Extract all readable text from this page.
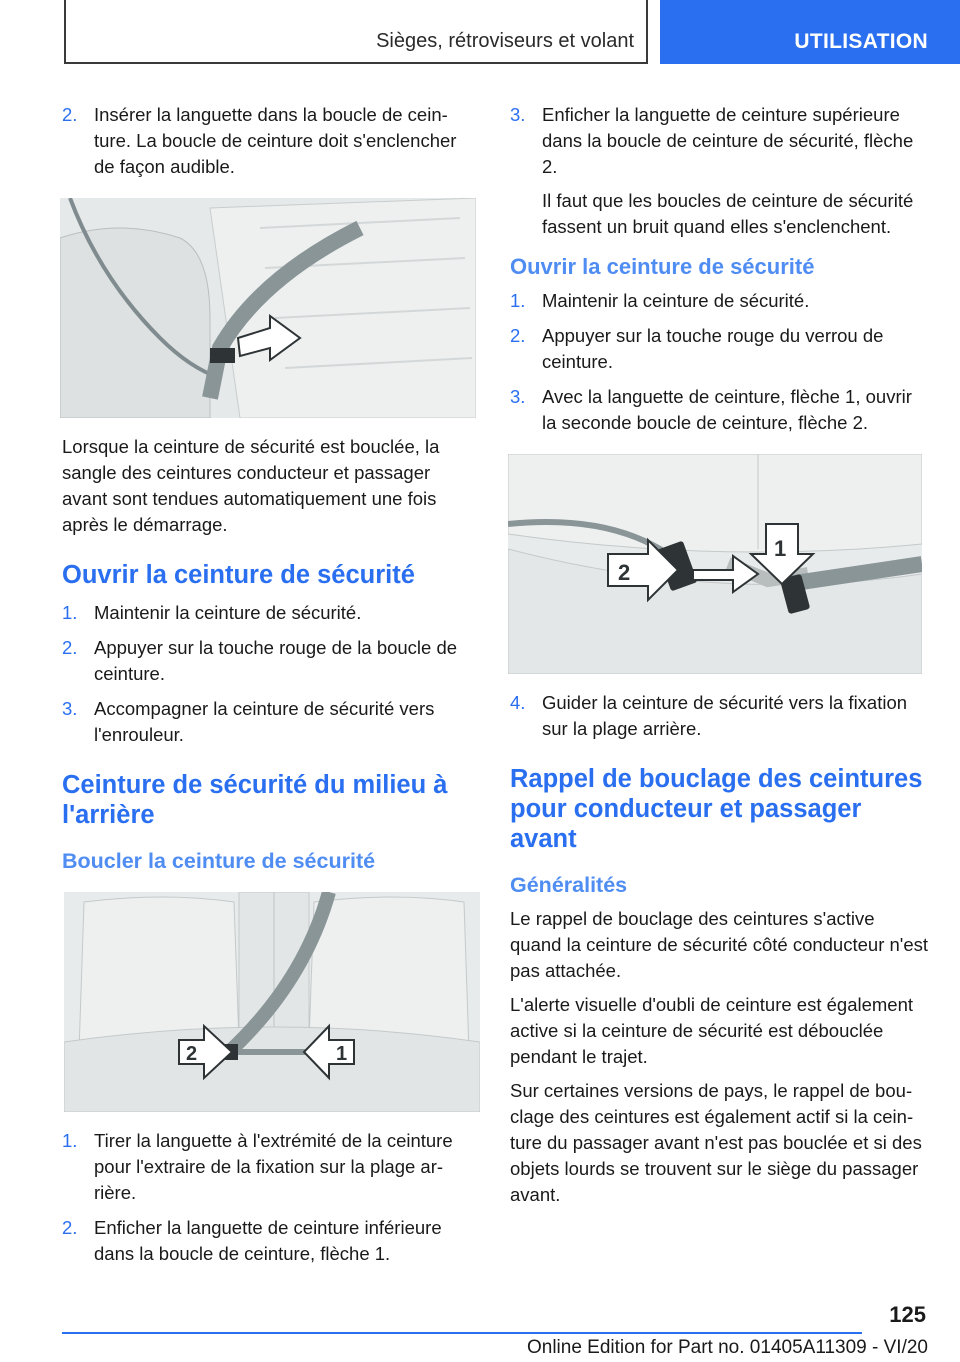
Sièges, rétroviseurs et volant	UTILISATION
2. Insérer la languette dans la boucle de ceinture. La boucle de ceinture doit s'enclencher de façon audible.

Lorsque la ceinture de sécurité est bouclée, la sangle des ceintures conducteur et passager avant sont tendues automatiquement une fois après le démarrage.

Ouvrir la ceinture de sécurité
1. Maintenir la ceinture de sécurité.
2. Appuyer sur la touche rouge de la boucle de ceinture.
3. Accompagner la ceinture de sécurité vers l'enrouleur.
Ceinture de sécurité du milieu à l'arrière
Boucler la ceinture de sécurité
2	1
1. Tirer la languette à l'extrémité de la ceinture pour l'extraire de la fixation sur la plage arrière.
2. Enficher la languette de ceinture inférieure dans la boucle de ceinture, flèche 1.
3. Enficher la languette de ceinture supérieure dans la boucle de ceinture de sécurité, flèche 2.
Il faut que les boucles de ceinture de sécurité fassent un bruit quand elles s'enclenchent.
Ouvrir la ceinture de sécurité
1. Maintenir la ceinture de sécurité.
2. Appuyer sur la touche rouge du verrou de ceinture.
3. Avec la languette de ceinture, flèche 1, ouvrir la seconde boucle de ceinture, flèche 2.
2
1
4. Guider la ceinture de sécurité vers la fixation sur la plage arrière.
Rappel de bouclage des ceintures pour conducteur et passager avant
Généralités

Le rappel de bouclage des ceintures s'active quand la ceinture de sécurité côté conducteur n'est pas attachée.

L'alerte visuelle d'oubli de ceinture est également active si la ceinture de sécurité est débouclée pendant le trajet.

Sur certaines versions de pays, le rappel de bouclage des ceintures est également actif si la ceinture du passager avant n'est pas bouclée et si des objets lourds se trouvent sur le siège du passager avant.

125
Online Edition for Part no. 01405A11309 - VI/20
